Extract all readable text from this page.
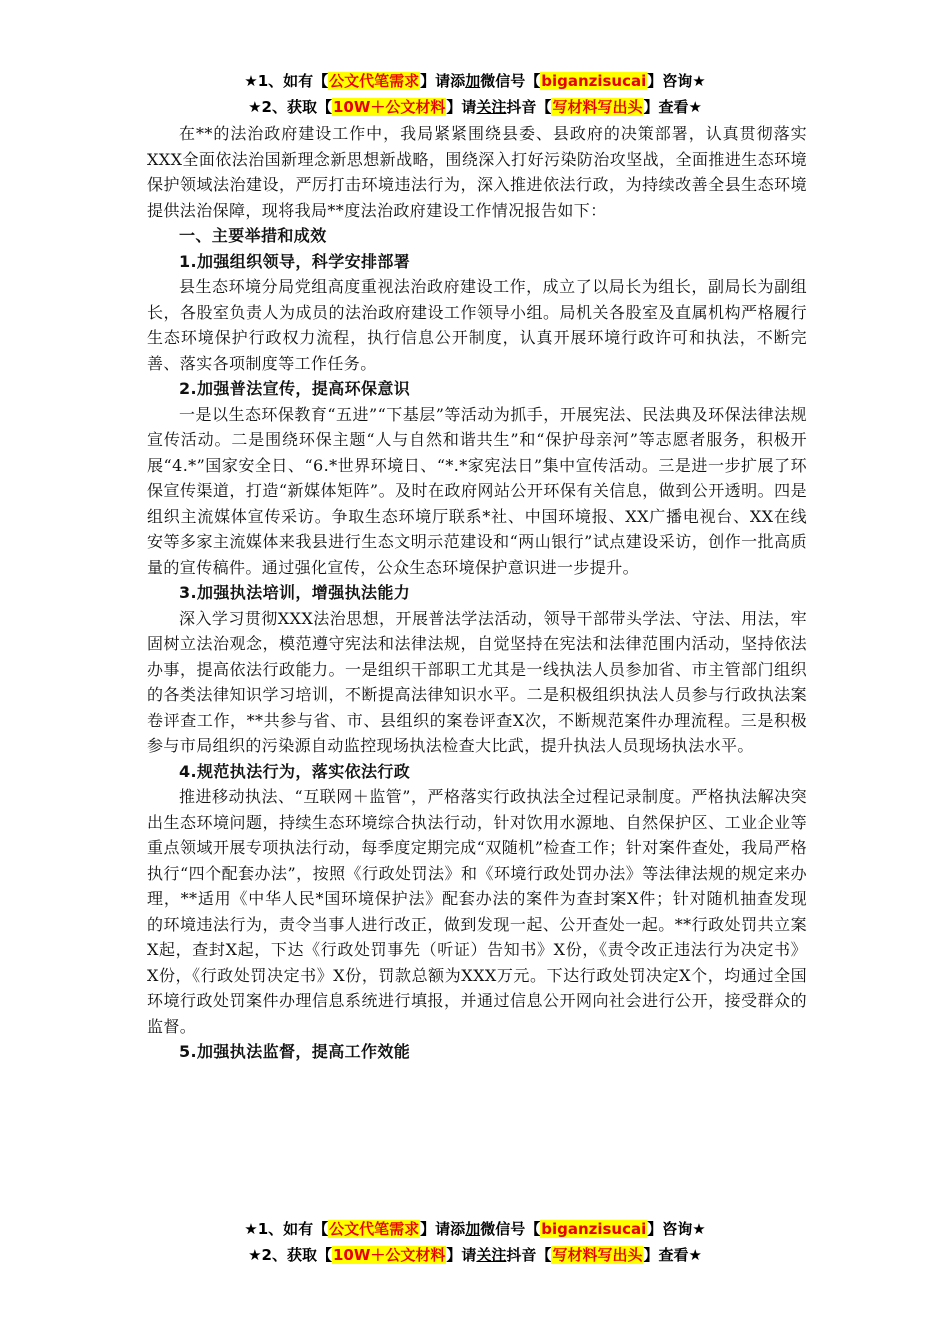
★1、如有【公文代笔需求】请添加微信号【biganzisucai】咨询★
★2、获取【10W＋公文材料】请关注抖音【写材料写出头】查看★

在**的法治政府建设工作中，我局紧紧围绕县委、县政府的决策部署，认真贯彻落实XXX全面依法治国新理念新思想新战略，围绕深入打好污染防治攻坚战，全面推进生态环境保护领域法治建设，严厉打击环境违法行为，深入推进依法行政，为持续改善全县生态环境提供法治保障，现将我局**度法治政府建设工作情况报告如下：

一、主要举措和成效

1.加强组织领导，科学安排部署

县生态环境分局党组高度重视法治政府建设工作，成立了以局长为组长，副局长为副组长，各股室负责人为成员的法治政府建设工作领导小组。局机关各股室及直属机构严格履行生态环境保护行政权力流程，执行信息公开制度，认真开展环境行政许可和执法，不断完善、落实各项制度等工作任务。

2.加强普法宣传，提高环保意识

一是以生态环保教育“五进”“下基层”等活动为抓手，开展宪法、民法典及环保法律法规宣传活动。二是围绕环保主题“人与自然和谐共生”和“保护母亲河”等志愿者服务，积极开展“4.*”国家安全日、“6.*世界环境日、“*.*家宪法日”集中宣传活动。三是进一步扩展了环保宣传渠道，打造“新媒体矩阵”。及时在政府网站公开环保有关信息，做到公开透明。四是组织主流媒体宣传采访。争取生态环境厅联系*社、中国环境报、XX广播电视台、XX在线安等多家主流媒体来我县进行生态文明示范建设和“两山银行”试点建设采访，创作一批高质量的宣传稿件。通过强化宣传，公众生态环境保护意识进一步提升。

3.加强执法培训，增强执法能力

深入学习贯彻XXX法治思想，开展普法学法活动，领导干部带头学法、守法、用法，牢固树立法治观念，模范遵守宪法和法律法规，自觉坚持在宪法和法律范围内活动，坚持依法办事，提高依法行政能力。一是组织干部职工尤其是一线执法人员参加省、市主管部门组织的各类法律知识学习培训，不断提高法律知识水平。二是积极组织执法人员参与行政执法案卷评查工作，**共参与省、市、县组织的案卷评查X次，不断规范案件办理流程。三是积极参与市局组织的污染源自动监控现场执法检查大比武，提升执法人员现场执法水平。

4.规范执法行为，落实依法行政

推进移动执法、“互联网＋监管”，严格落实行政执法全过程记录制度。严格执法解决突出生态环境问题，持续生态环境综合执法行动，针对饮用水源地、自然保护区、工业企业等重点领域开展专项执法行动，每季度定期完成“双随机”检查工作；针对案件查处，我局严格执行“四个配套办法”，按照《行政处罚法》和《环境行政处罚办法》等法律法规的规定来办理，**适用《中华人民*国环境保护法》配套办法的案件为查封案X件；针对随机抽查发现的环境违法行为，责令当事人进行改正，做到发现一起、公开查处一起。**行政处罚共立案X起，查封X起，下达《行政处罚事先（听证）告知书》X份，《责令改正违法行为决定书》X份，《行政处罚决定书》X份，罚款总额为XXX万元。下达行政处罚决定X个，均通过全国环境行政处罚案件办理信息系统进行填报，并通过信息公开网向社会进行公开，接受群众的监督。

5.加强执法监督，提高工作效能

★1、如有【公文代笔需求】请添加微信号【biganzisucai】咨询★
★2、获取【10W＋公文材料】请关注抖音【写材料写出头】查看★
